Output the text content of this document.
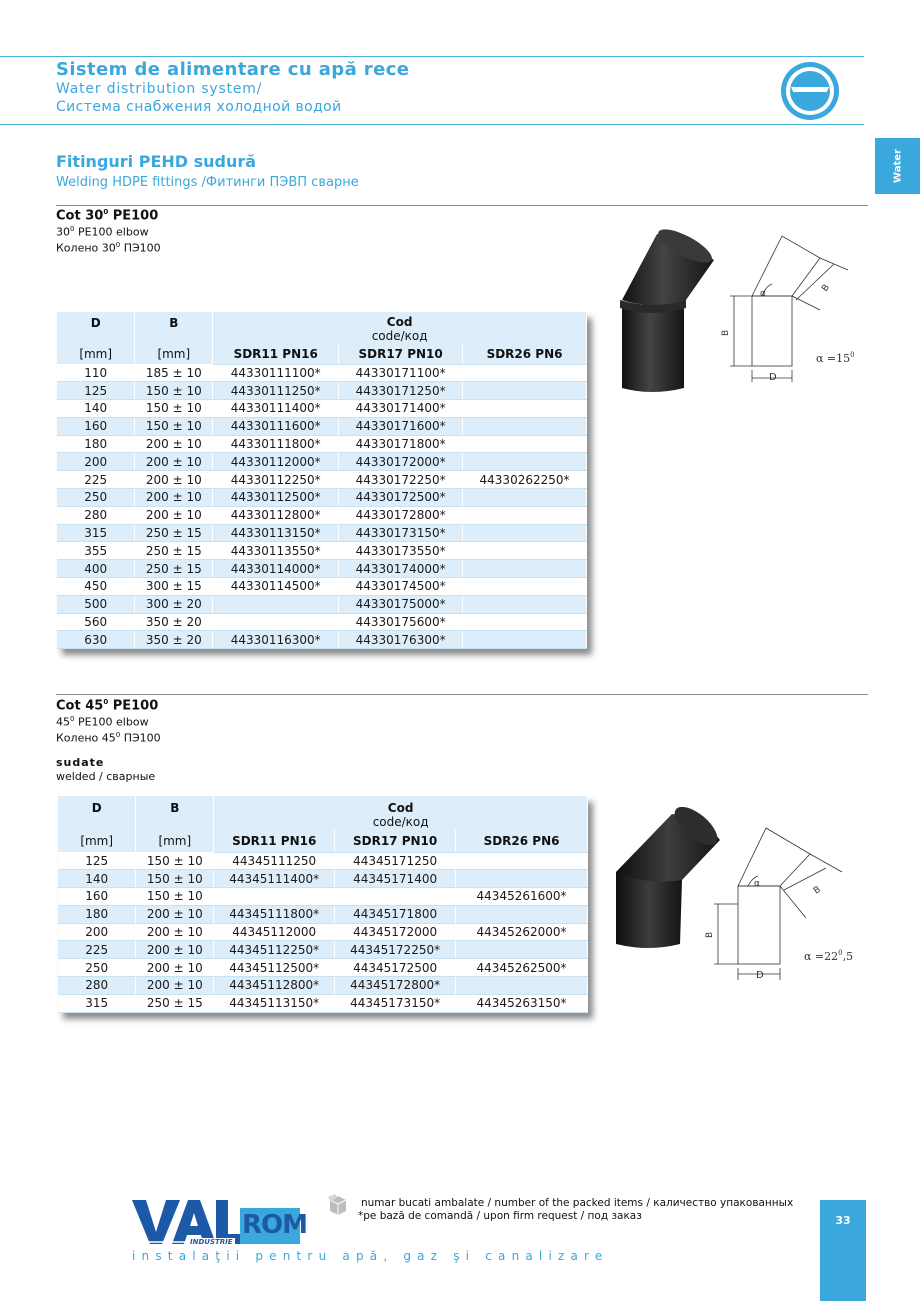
Sistem de alimentare cu apă rece
Water distribution system/
Система снабжения холодной водой
Water
Fitinguri PEHD sudură
Welding HDPE fittings /Фитинги ПЭВП сварне
Cot $30^0$ PE100
$30^0$ PE100 elbow
Колено $30^0$ ПЭ100
D	B	Cod
code/код		

[mm]	[mm]	SDR11 PN16	SDR17 PN10	SDR26 PN6
110	185 ± 10	44330111100*	44330171100*	
125	150 ± 10	44330111250*	44330171250*	
140	150 ± 10	44330111400*	44330171400*	
160	150 ± 10	44330111600*	44330171600*	
180	200 ± 10	44330111800*	44330171800*	
200	200 ± 10	44330112000*	44330172000*	
225	200 ± 10	44330112250*	44330172250*	44330262250*
250	200 ± 10	44330112500*	44330172500*	
280	200 ± 10	44330112800*	44330172800*	
315	250 ± 15	44330113150*	44330173150*	
355	250 ± 15	44330113550*	44330173550*	
400	250 ± 15	44330114000*	44330174000*	
450	300 ± 15	44330114500*	44330174500*	
500	300 ± 20		44330175000*	
560	350 ± 20		44330175600*	
630	350 ± 20	44330116300*	44330176300*	
α
B
B
D
$\alpha =15^0$
Cot $45^0$ PE100
$45^0$ PE100 elbow
Колено $45^0$ ПЭ100
sudate
welded / сварные
D	B	Cod
code/код		

[mm]	[mm]	SDR11 PN16	SDR17 PN10	SDR26 PN6
125	150 ± 10	44345111250	44345171250	
140	150 ± 10	44345111400*	44345171400	
160	150 ± 10			44345261600*
180	200 ± 10	44345111800*	44345171800	
200	200 ± 10	44345112000	44345172000	44345262000*
225	200 ± 10	44345112250*	44345172250*	
250	200 ± 10	44345112500*	44345172500	44345262500*
280	200 ± 10	44345112800*	44345172800*	
315	250 ± 15	44345113150*	44345173150*	44345263150*
α
B
B
D
$\alpha =22^0,5$
ROM
INDUSTRIE
instalaţii pentru apă, gaz şi canalizare
numar bucati ambalate / number of the packed items / каличество упакованных
*pe bază de comandă / upon firm request / под заказ	33
